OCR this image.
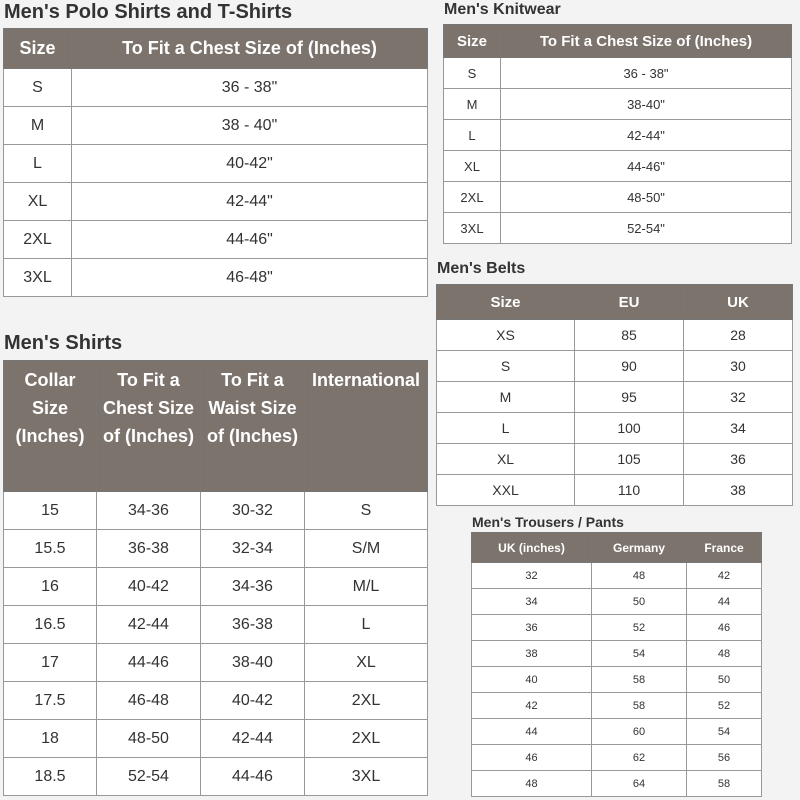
Men's Polo Shirts and T-Shirts
Size	To Fit a Chest Size of (Inches)
S	36 - 38"
M	38 - 40"
L	40-42"
XL	42-44"
2XL	44-46"
3XL	46-48"
Men's Knitwear
Size	To Fit a Chest Size of (Inches)
S	36 - 38"
M	38-40"
L	42-44"
XL	44-46"
2XL	48-50"
3XL	52-54"
Men's Shirts
Collar Size (Inches)	To Fit a Chest Size of (Inches)	To Fit a Waist Size of (Inches)	International
15	34-36	30-32	S
15.5	36-38	32-34	S/M
16	40-42	34-36	M/L
16.5	42-44	36-38	L
17	44-46	38-40	XL
17.5	46-48	40-42	2XL
18	48-50	42-44	2XL
18.5	52-54	44-46	3XL
Men's Belts
Size	EU	UK
XS	85	28
S	90	30
M	95	32
L	100	34
XL	105	36
XXL	110	38
Men's Trousers / Pants
UK (inches)	Germany	France
32	48	42
34	50	44
36	52	46
38	54	48
40	58	50
42	58	52
44	60	54
46	62	56
48	64	58
